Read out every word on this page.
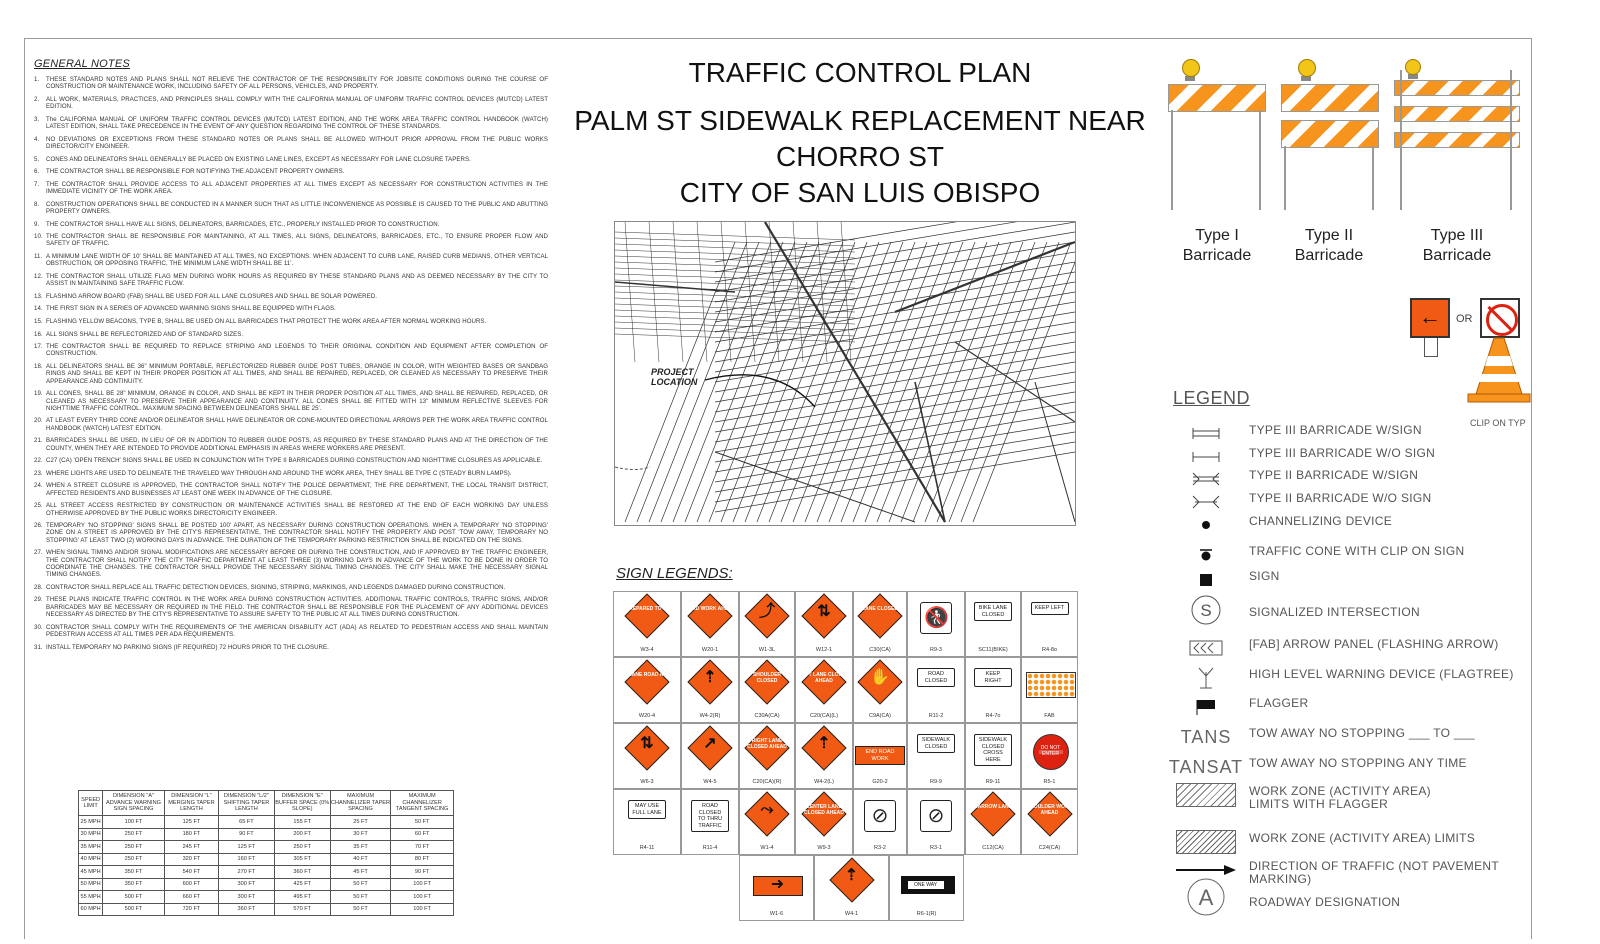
GENERAL NOTES
1.	THESE STANDARD NOTES AND PLANS SHALL NOT RELIEVE THE CONTRACTOR OF THE RESPONSIBILITY FOR JOBSITE CONDITIONS DURING THE COURSE OF CONSTRUCTION OR MAINTENANCE WORK, INCLUDING SAFETY OF ALL PERSONS, VEHICLES, AND PROPERTY.
2.	ALL WORK, MATERIALS, PRACTICES, AND PRINCIPLES SHALL COMPLY WITH THE CALIFORNIA MANUAL OF UNIFORM TRAFFIC CONTROL DEVICES (MUTCD) LATEST EDITION.
3.	The CALIFORNIA MANUAL OF UNIFORM TRAFFIC CONTROL DEVICES (MUTCD) LATEST EDITION, AND THE WORK AREA TRAFFIC CONTROL HANDBOOK (WATCH) LATEST EDITION, SHALL TAKE PRECEDENCE IN THE EVENT OF ANY QUESTION REGARDING THE CONTROL OF THESE STANDARDS.
4.	NO DEVIATIONS OR EXCEPTIONS FROM THESE STANDARD NOTES OR PLANS SHALL BE ALLOWED WITHOUT PRIOR APPROVAL FROM THE PUBLIC WORKS DIRECTOR/CITY ENGINEER.
5.	CONES AND DELINEATORS SHALL GENERALLY BE PLACED ON EXISTING LANE LINES, EXCEPT AS NECESSARY FOR LANE CLOSURE TAPERS.
6.	THE CONTRACTOR SHALL BE RESPONSIBLE FOR NOTIFYING THE ADJACENT PROPERTY OWNERS.
7.	THE CONTRACTOR SHALL PROVIDE ACCESS TO ALL ADJACENT PROPERTIES AT ALL TIMES EXCEPT AS NECESSARY FOR CONSTRUCTION ACTIVITIES IN THE IMMEDIATE VICINITY OF THE WORK AREA.
8.	CONSTRUCTION OPERATIONS SHALL BE CONDUCTED IN A MANNER SUCH THAT AS LITTLE INCONVENIENCE AS POSSIBLE IS CAUSED TO THE PUBLIC AND ABUTTING PROPERTY OWNERS.
9.	THE CONTRACTOR SHALL HAVE ALL SIGNS, DELINEATORS, BARRICADES, ETC., PROPERLY INSTALLED PRIOR TO CONSTRUCTION.
10. THE CONTRACTOR SHALL BE RESPONSIBLE FOR MAINTAINING, AT ALL TIMES, ALL SIGNS, DELINEATORS, BARRICADES, ETC., TO ENSURE PROPER FLOW AND SAFETY OF TRAFFIC.
11. A MINIMUM LANE WIDTH OF 10' SHALL BE MAINTAINED AT ALL TIMES, NO EXCEPTIONS. WHEN ADJACENT TO CURB LANE, RAISED CURB MEDIANS, OTHER VERTICAL OBSTRUCTION, OR OPPOSING TRAFFIC, THE MINIMUM LANE WIDTH SHALL BE 11'.
12. THE CONTRACTOR SHALL UTILIZE FLAG MEN DURING WORK HOURS AS REQUIRED BY THESE STANDARD PLANS AND AS DEEMED NECESSARY BY THE CITY TO ASSIST IN MAINTAINING SAFE TRAFFIC FLOW.
13. FLASHING ARROW BOARD (FAB) SHALL BE USED FOR ALL LANE CLOSURES AND SHALL BE SOLAR POWERED.
14. THE FIRST SIGN IN A SERIES OF ADVANCED WARNING SIGNS SHALL BE EQUIPPED WITH FLAGS.
15. FLASHING YELLOW BEACONS, TYPE B, SHALL BE USED ON ALL BARRICADES THAT PROTECT THE WORK AREA AFTER NORMAL WORKING HOURS.
16. ALL SIGNS SHALL BE REFLECTORIZED AND OF STANDARD SIZES.
17. THE CONTRACTOR SHALL BE REQUIRED TO REPLACE STRIPING AND LEGENDS TO THEIR ORIGINAL CONDITION AND EQUIPMENT AFTER COMPLETION OF CONSTRUCTION.
18. ALL DELINEATORS SHALL BE 36" MINIMUM PORTABLE, REFLECTORIZED RUBBER GUIDE POST TUBES, ORANGE IN COLOR, WITH WEIGHTED BASES OR SANDBAG RINGS AND SHALL BE KEPT IN THEIR PROPER POSITION AT ALL TIMES, AND SHALL BE REPAIRED, REPLACED, OR CLEANED AS NECESSARY TO PRESERVE THEIR APPEARANCE AND CONTINUITY.
19. ALL CONES, SHALL BE 28" MINIMUM, ORANGE IN COLOR, AND SHALL BE KEPT IN THEIR PROPER POSITION AT ALL TIMES, AND SHALL BE REPAIRED, REPLACED, OR CLEANED AS NECESSARY TO PRESERVE THEIR APPEARANCE AND CONTINUITY. ALL CONES SHALL BE FITTED WITH 13" MINIMUM REFLECTIVE SLEEVES FOR NIGHTTIME TRAFFIC CONTROL. MAXIMUM SPACING BETWEEN DELINEATORS SHALL BE 25'.
20. AT LEAST EVERY THIRD CONE AND/OR DELINEATOR SHALL HAVE DELINEATOR OR CONE-MOUNTED DIRECTIONAL ARROWS PER THE WORK AREA TRAFFIC CONTROL HANDBOOK (WATCH) LATEST EDITION.
21. BARRICADES SHALL BE USED, IN LIEU OF OR IN ADDITION TO RUBBER GUIDE POSTS, AS REQUIRED BY THESE STANDARD PLANS AND AT THE DIRECTION OF THE COUNTY, WHEN THEY ARE INTENDED TO PROVIDE ADDITIONAL EMPHASIS IN AREAS WHERE WORKERS ARE PRESENT.
22. C27 (CA) 'OPEN TRENCH' SIGNS SHALL BE USED IN CONJUNCTION WITH TYPE II BARRICADES DURING CONSTRUCTION AND NIGHTTIME CLOSURES AS APPLICABLE.
23. WHERE LIGHTS ARE USED TO DELINEATE THE TRAVELED WAY THROUGH AND AROUND THE WORK AREA, THEY SHALL BE TYPE C (STEADY BURN LAMPS).
24. WHEN A STREET CLOSURE IS APPROVED, THE CONTRACTOR SHALL NOTIFY THE POLICE DEPARTMENT, THE FIRE DEPARTMENT, THE LOCAL TRANSIT DISTRICT, AFFECTED RESIDENTS AND BUSINESSES AT LEAST ONE WEEK IN ADVANCE OF THE CLOSURE.
25. ALL STREET ACCESS RESTRICTED BY CONSTRUCTION OR MAINTENANCE ACTIVITIES SHALL BE RESTORED AT THE END OF EACH WORKING DAY UNLESS OTHERWISE APPROVED BY THE PUBLIC WORKS DIRECTOR/CITY ENGINEER.
26. TEMPORARY 'NO STOPPING' SIGNS SHALL BE POSTED 100' APART, AS NECESSARY DURING CONSTRUCTION OPERATIONS. WHEN A TEMPORARY 'NO STOPPING' ZONE ON A STREET IS APPROVED BY THE CITY'S REPRESENTATIVE, THE CONTRACTOR SHALL NOTIFY THE PROPERTY AND POST 'TOW AWAY, TEMPORARY NO STOPPING' AT LEAST TWO (2) WORKING DAYS IN ADVANCE. THE DURATION OF THE TEMPORARY PARKING RESTRICTION SHALL BE INDICATED ON THE SIGNS.
27. WHEN SIGNAL TIMING AND/OR SIGNAL MODIFICATIONS ARE NECESSARY BEFORE OR DURING THE CONSTRUCTION, AND IF APPROVED BY THE TRAFFIC ENGINEER, THE CONTRACTOR SHALL NOTIFY THE CITY TRAFFIC DEPARTMENT AT LEAST THREE (3) WORKING DAYS IN ADVANCE OF THE WORK TO BE DONE IN ORDER TO COORDINATE THE CHANGES. THE CONTRACTOR SHALL PROVIDE THE NECESSARY SIGNAL TIMING CHANGES. THE CITY SHALL MAKE THE NECESSARY SIGNAL TIMING CHANGES.
28. CONTRACTOR SHALL REPLACE ALL TRAFFIC DETECTION DEVICES, SIGNING, STRIPING, MARKINGS, AND LEGENDS DAMAGED DURING CONSTRUCTION.
29. THESE PLANS INDICATE TRAFFIC CONTROL IN THE WORK AREA DURING CONSTRUCTION ACTIVITIES. ADDITIONAL TRAFFIC CONTROLS, TRAFFIC SIGNS, AND/OR BARRICADES MAY BE NECESSARY OR REQUIRED IN THE FIELD. THE CONTRACTOR SHALL BE RESPONSIBLE FOR THE PLACEMENT OF ANY ADDITIONAL DEVICES NECESSARY AS DIRECTED BY THE CITY'S REPRESENTATIVE TO ASSURE SAFETY TO THE PUBLIC AT ALL TIMES DURING CONSTRUCTION.
30. CONTRACTOR SHALL COMPLY WITH THE REQUIREMENTS OF THE AMERICAN DISABILITY ACT (ADA) AS RELATED TO PEDESTRIAN ACCESS AND SHALL MAINTAIN PEDESTRIAN ACCESS AT ALL TIMES PER ADA REQUIREMENTS.
31. INSTALL TEMPORARY NO PARKING SIGNS (IF REQUIRED) 72 HOURS PRIOR TO THE CLOSURE.
SPEED LIMIT	DIMENSION "A" ADVANCE WARNING SIGN SPACING	DIMENSION "L" MERGING TAPER LENGTH	DIMENSION "L/2" SHIFTING TAPER LENGTH	DIMENSION "E" BUFFER SPACE (0% SLOPE)	MAXIMUM CHANNELIZER TAPER SPACING	MAXIMUM CHANNELIZER TANGENT SPACING
25 MPH	100 FT	125 FT	65 FT	155 FT	25 FT	50 FT
30 MPH	250 FT	180 FT	90 FT	200 FT	30 FT	60 FT
35 MPH	250 FT	245 FT	125 FT	250 FT	35 FT	70 FT
40 MPH	250 FT	320 FT	160 FT	305 FT	40 FT	80 FT
45 MPH	350 FT	540 FT	270 FT	360 FT	45 FT	90 FT
50 MPH	350 FT	600 FT	300 FT	425 FT	50 FT	100 FT
55 MPH	500 FT	660 FT	300 FT	495 FT	50 FT	100 FT
60 MPH	500 FT	720 FT	360 FT	570 FT	50 FT	100 FT
TRAFFIC CONTROL PLAN
PALM ST SIDEWALK REPLACEMENT NEAR
CHORRO ST
CITY OF SAN LUIS OBISPO
PROJECT
LOCATION
SIGN LEGENDS:
BE PREPARED TO STOP
W3-4
ROAD WORK AHEAD
W20-1
⤴
W1-3L
⇅
W12-1
LANE CLOSED
C30(CA)
🚷
R9-3
BIKE LANE CLOSED
SC11(BIKE)
KEEP LEFT
R4-8o
ONE LANE ROAD AHEAD
W20-4
⇡
W4-2(R)
SHOULDER CLOSED
C30A(CA)
LEFT LANE CLOSED AHEAD
C20(CA)(L)
✋
C9A(CA)
ROAD CLOSED
R11-2
KEEP RIGHT
R4-7o	FAB
⇅
W6-3
↗
W4-5
RIGHT LANE CLOSED AHEAD
C20(CA)(R)
⇡
W4-2(L)
END ROAD WORK
G20-2
SIDEWALK CLOSED
R9-9
SIDEWALK CLOSED CROSS HERE
R9-11
DO NOT ENTER
R5-1
MAY USE FULL LANE
R4-11
ROAD CLOSED TO THRU TRAFFIC
R11-4
⤳
W1-4
CENTER LANE CLOSED AHEAD
W9-3
⊘
R3-2
⊘
R3-1
NARROW LANE
C12(CA)
SHOULDER WORK AHEAD
C24(CA)
➜
W1-6
⇡
W4-1
ONE WAY
R6-1(R)
Type I
Barricade
Type II
Barricade
Type III
Barricade
←	OR
CLIP ON TYP
LEGEND
TYPE III BARRICADE W/SIGN
TYPE III BARRICADE W/O SIGN
TYPE II BARRICADE W/SIGN
TYPE II BARRICADE W/O SIGN
CHANNELIZING DEVICE
TRAFFIC CONE WITH CLIP ON SIGN
SIGN
S	SIGNALIZED INTERSECTION
[FAB] ARROW PANEL (FLASHING ARROW)
HIGH LEVEL WARNING DEVICE (FLAGTREE)
FLAGGER
TANS TOW AWAY NO STOPPING ___ TO ___
TANSAT TOW AWAY NO STOPPING ANY TIME
WORK ZONE (ACTIVITY AREA) LIMITS WITH FLAGGER
WORK ZONE (ACTIVITY AREA) LIMITS
DIRECTION OF TRAFFIC (NOT PAVEMENT MARKING)
A	ROADWAY DESIGNATION
